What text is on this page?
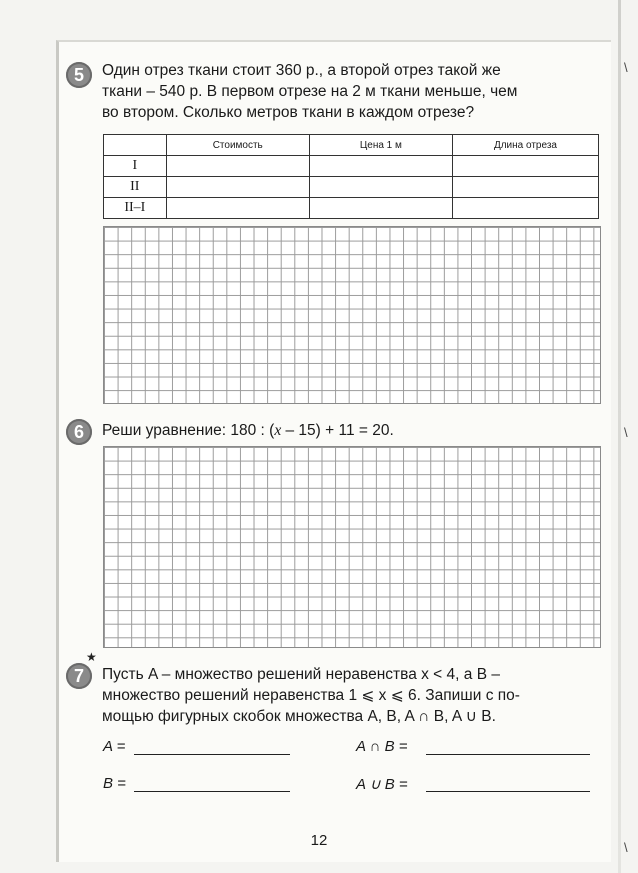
\
\
\
5	Один отрез ткани стоит 360 р., а второй отрез такой же
ткани – 540 р. В первом отрезе на 2 м ткани меньше, чем
во втором. Сколько метров ткани в каждом отрезе?
	Стоимость	Цена 1 м	Длина отреза
I			
II			
II–I			
6	Реши уравнение: 180 : (x – 15) + 11 = 20.
★
7	Пусть A – множество решений неравенства x < 4, а B –
множество решений неравенства 1 ⩽ x ⩽ 6. Запиши с по-
мощью фигурных скобок множества A, B, A ∩ B, A ∪ B.
A =	A ∩ B =
B =	A ∪ B =
12
